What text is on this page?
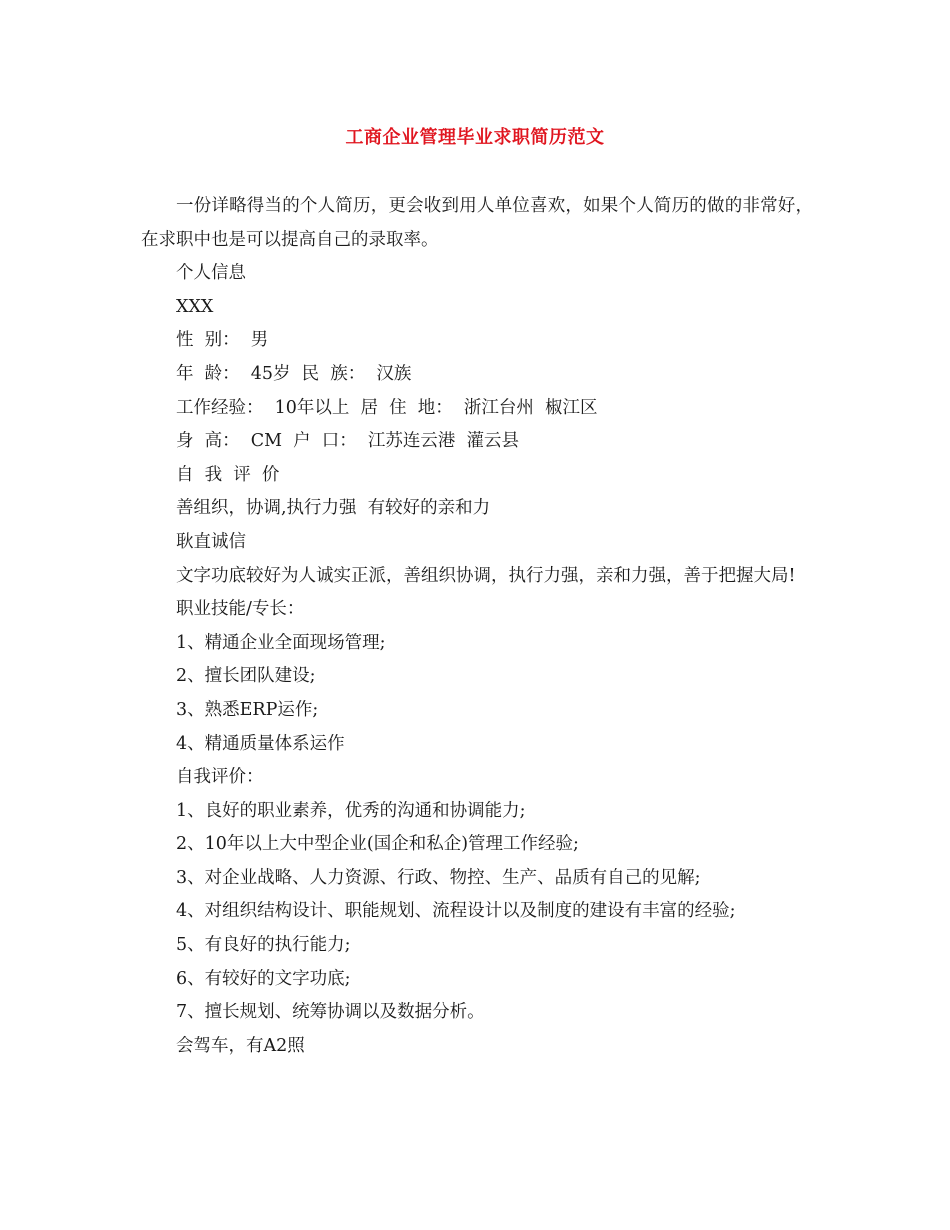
工商企业管理毕业求职简历范文

一份详略得当的个人简历，更会收到用人单位喜欢，如果个人简历的做的非常好，在求职中也是可以提高自己的录取率。

个人信息

XXX

性  别：  男

年  龄：  45岁  民  族：  汉族

工作经验：  10年以上  居  住  地：  浙江台州  椒江区

身  高：  CM  户  口：  江苏连云港  灌云县

自  我  评  价

善组织，协调,执行力强  有较好的亲和力

耿直诚信

文字功底较好为人诚实正派，善组织协调，执行力强，亲和力强，善于把握大局!

职业技能/专长：

1、精通企业全面现场管理;

2、擅长团队建设;

3、熟悉ERP运作;

4、精通质量体系运作

自我评价：

1、良好的职业素养，优秀的沟通和协调能力;

2、10年以上大中型企业(国企和私企)管理工作经验;

3、对企业战略、人力资源、行政、物控、生产、品质有自己的见解;

4、对组织结构设计、职能规划、流程设计以及制度的建设有丰富的经验;

5、有良好的执行能力;

6、有较好的文字功底;

7、擅长规划、统筹协调以及数据分析。

会驾车，有A2照
